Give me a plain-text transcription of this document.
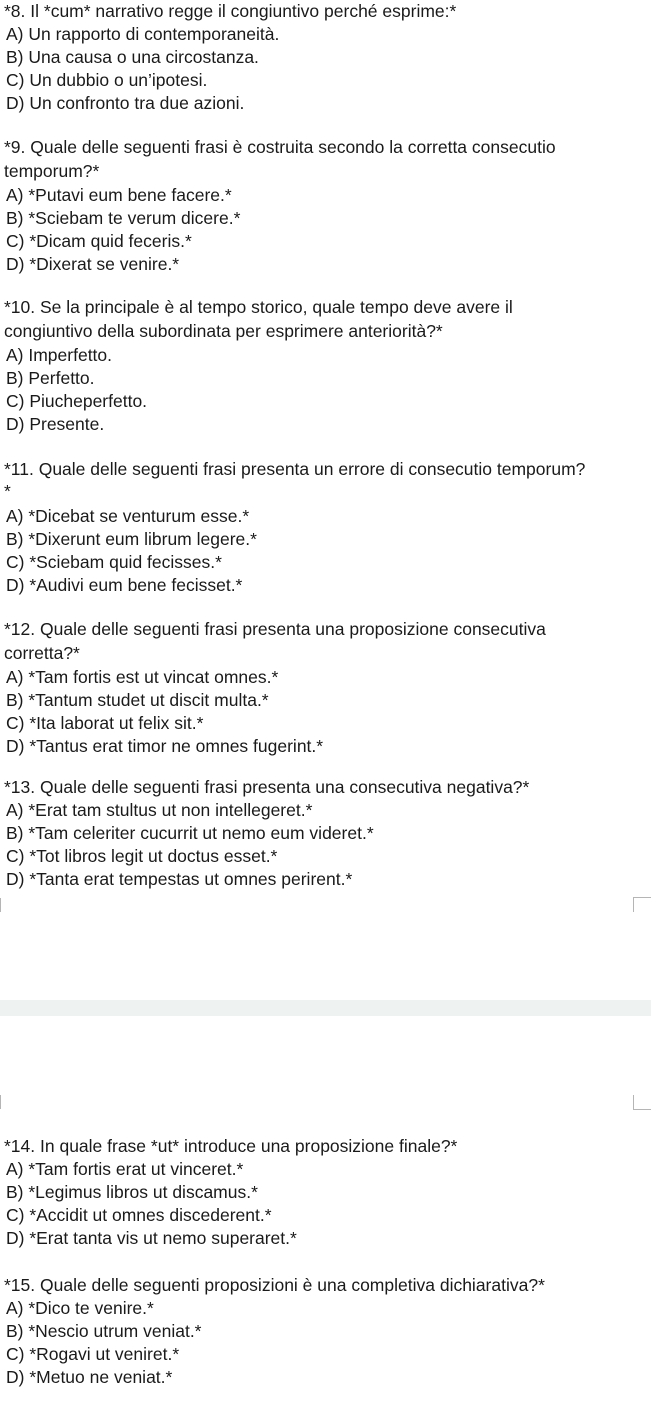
*8. Il *cum* narrativo regge il congiuntivo perché esprime:*
A) Un rapporto di contemporaneità.
B) Una causa o una circostanza.
C) Un dubbio o un’ipotesi.
D) Un confronto tra due azioni.
*9. Quale delle seguenti frasi è costruita secondo la corretta consecutio
temporum?*
A) *Putavi eum bene facere.*
B) *Sciebam te verum dicere.*
C) *Dicam quid feceris.*
D) *Dixerat se venire.*
*10. Se la principale è al tempo storico, quale tempo deve avere il
congiuntivo della subordinata per esprimere anteriorità?*
A) Imperfetto.
B) Perfetto.
C) Piucheperfetto.
D) Presente.
*11. Quale delle seguenti frasi presenta un errore di consecutio temporum?
*
A) *Dicebat se venturum esse.*
B) *Dixerunt eum librum legere.*
C) *Sciebam quid fecisses.*
D) *Audivi eum bene fecisset.*
*12. Quale delle seguenti frasi presenta una proposizione consecutiva
corretta?*
A) *Tam fortis est ut vincat omnes.*
B) *Tantum studet ut discit multa.*
C) *Ita laborat ut felix sit.*
D) *Tantus erat timor ne omnes fugerint.*
*13. Quale delle seguenti frasi presenta una consecutiva negativa?*
A) *Erat tam stultus ut non intellegeret.*
B) *Tam celeriter cucurrit ut nemo eum videret.*
C) *Tot libros legit ut doctus esset.*
D) *Tanta erat tempestas ut omnes perirent.*
*14. In quale frase *ut* introduce una proposizione finale?*
A) *Tam fortis erat ut vinceret.*
B) *Legimus libros ut discamus.*
C) *Accidit ut omnes discederent.*
D) *Erat tanta vis ut nemo superaret.*
*15. Quale delle seguenti proposizioni è una completiva dichiarativa?*
A) *Dico te venire.*
B) *Nescio utrum veniat.*
C) *Rogavi ut veniret.*
D) *Metuo ne veniat.*
